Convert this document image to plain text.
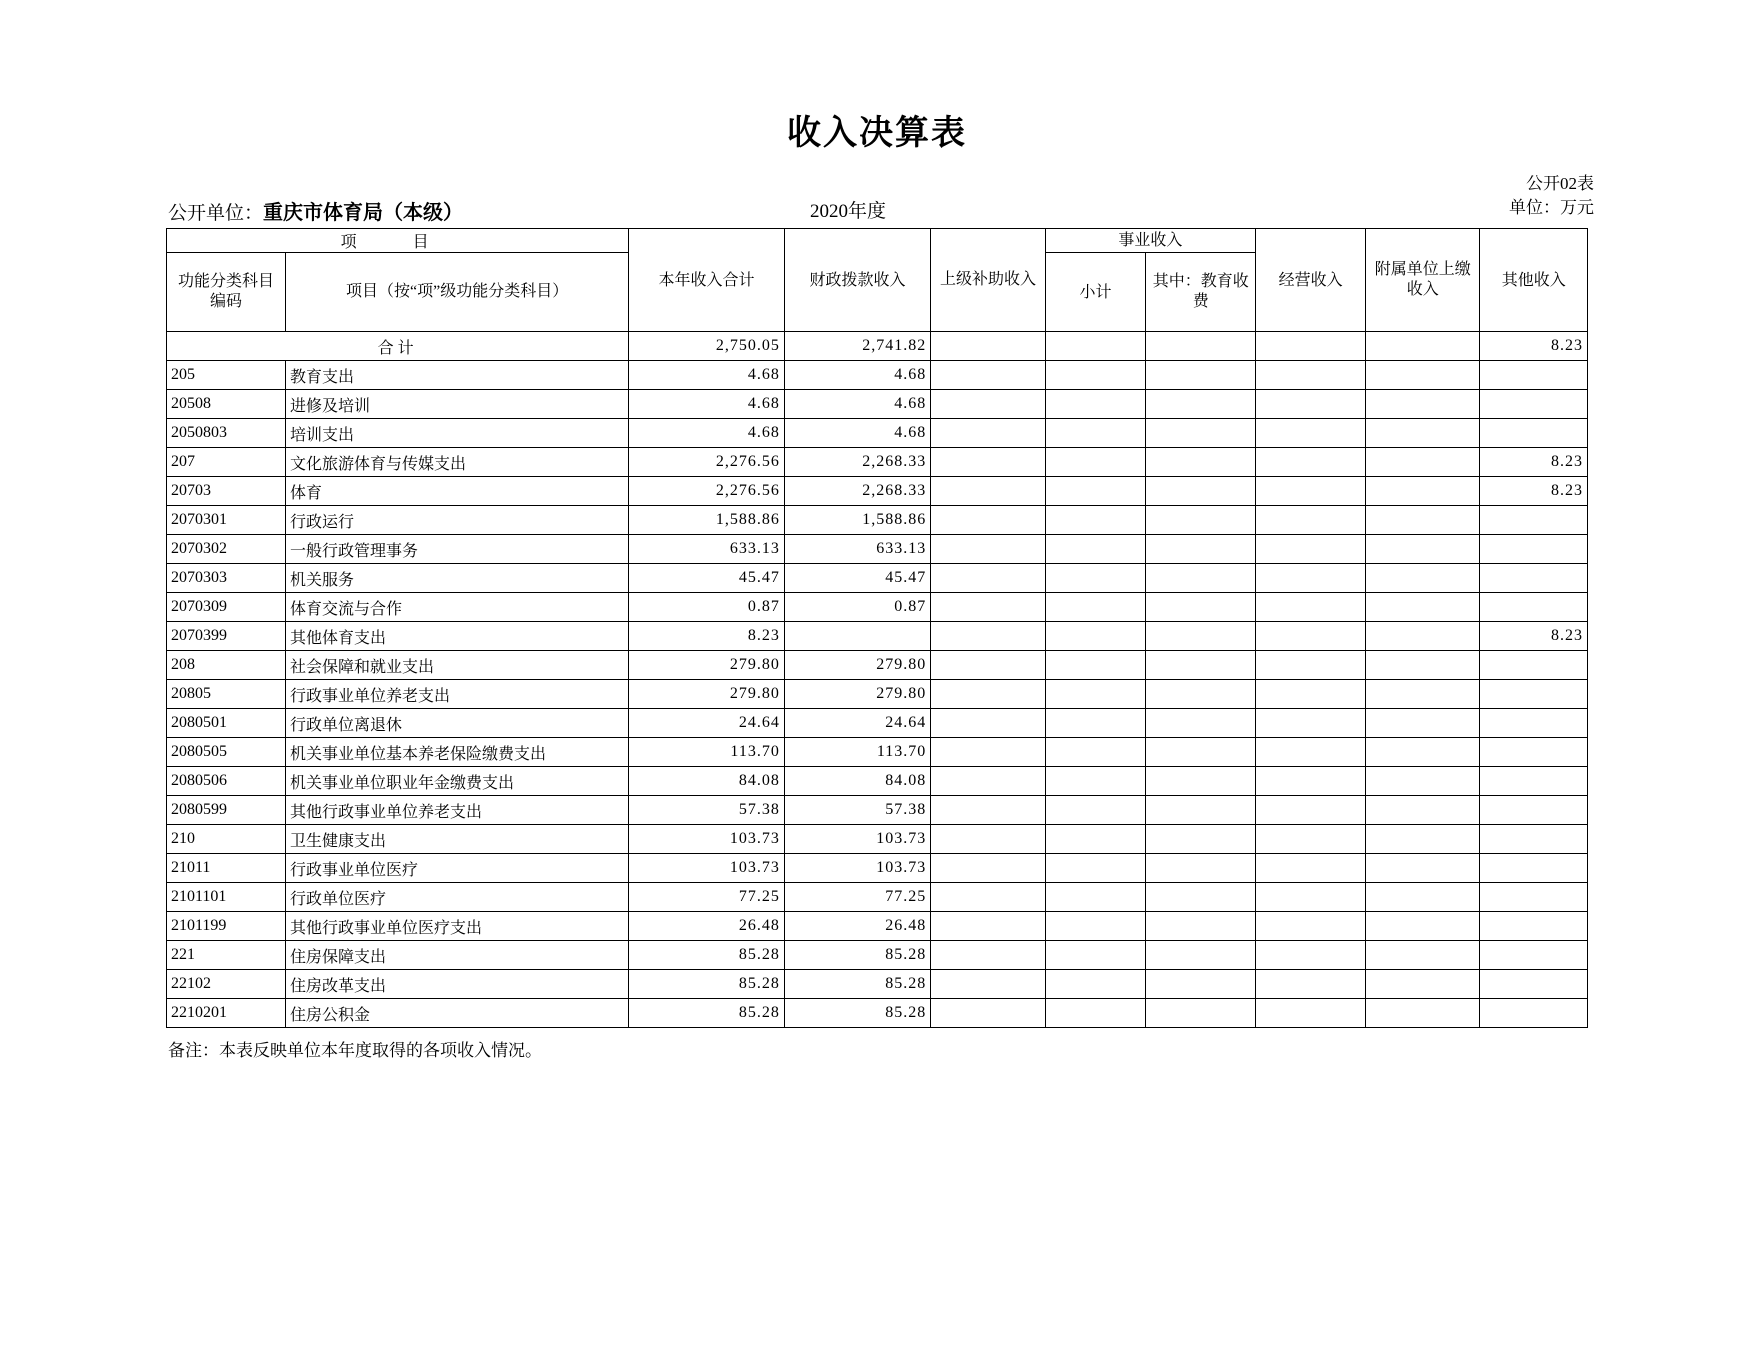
收入决算表
公开单位：重庆市体育局（本级）	2020年度
公开02表
单位：万元
项 目		本年收入合计	财政拨款收入	上级补助收入	事业收入		经营收入	附属单位上缴收入	其他收入
功能分类科目编码	项目（按“项”级功能分类科目）				小计	其中：教育收费			
合计		2,750.05	2,741.82						8.23
205	教育支出	4.68	4.68						
20508	进修及培训	4.68	4.68						
2050803	培训支出	4.68	4.68						
207	文化旅游体育与传媒支出	2,276.56	2,268.33						8.23
20703	体育	2,276.56	2,268.33						8.23
2070301	行政运行	1,588.86	1,588.86						
2070302	一般行政管理事务	633.13	633.13						
2070303	机关服务	45.47	45.47						
2070309	体育交流与合作	0.87	0.87						
2070399	其他体育支出	8.23							8.23
208	社会保障和就业支出	279.80	279.80						
20805	行政事业单位养老支出	279.80	279.80						
2080501	行政单位离退休	24.64	24.64						
2080505	机关事业单位基本养老保险缴费支出	113.70	113.70						
2080506	机关事业单位职业年金缴费支出	84.08	84.08						
2080599	其他行政事业单位养老支出	57.38	57.38						
210	卫生健康支出	103.73	103.73						
21011	行政事业单位医疗	103.73	103.73						
2101101	行政单位医疗	77.25	77.25						
2101199	其他行政事业单位医疗支出	26.48	26.48						
221	住房保障支出	85.28	85.28						
22102	住房改革支出	85.28	85.28						
2210201	住房公积金	85.28	85.28						
备注：本表反映单位本年度取得的各项收入情况。
